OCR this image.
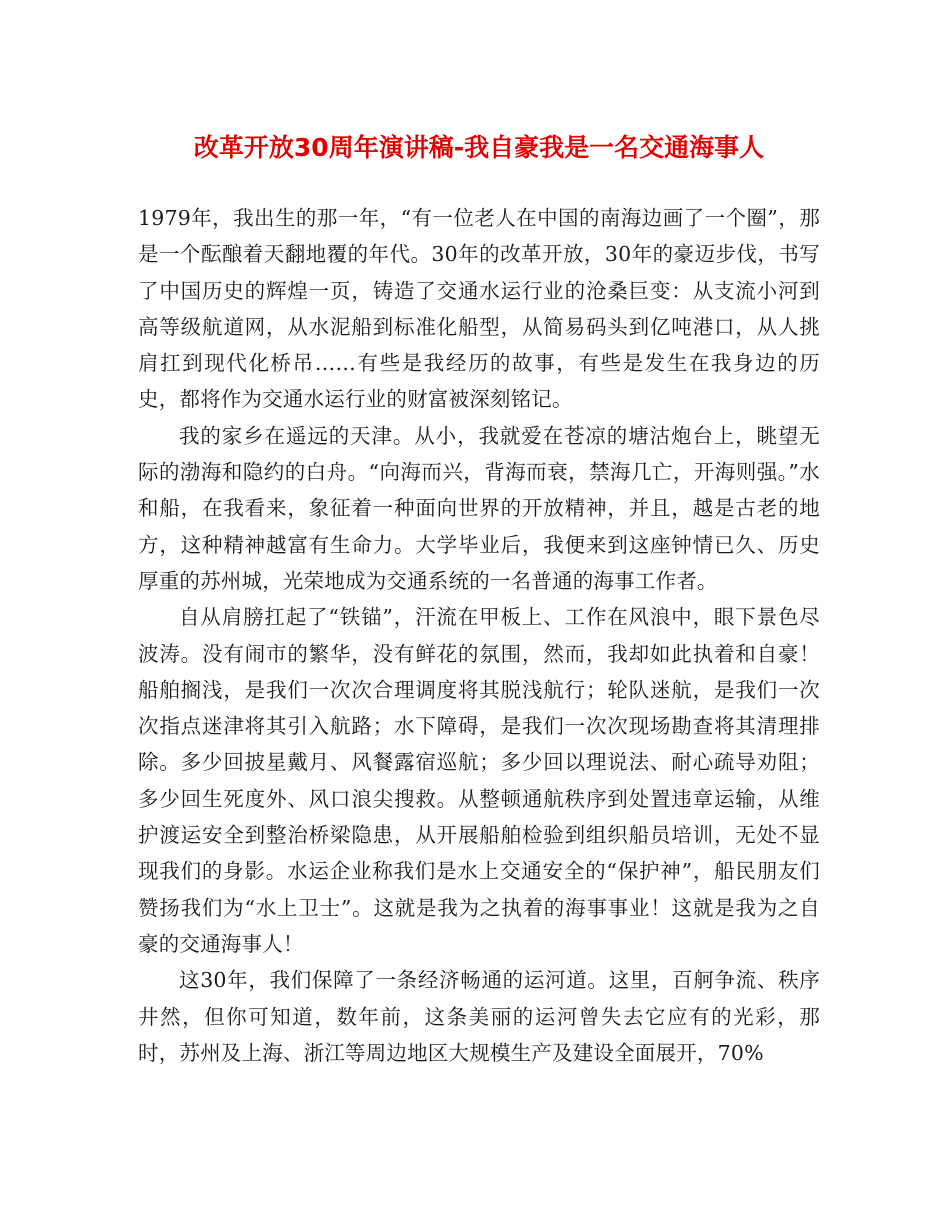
改革开放30周年演讲稿-我自豪我是一名交通海事人

1979年，我出生的那一年，“有一位老人在中国的南海边画了一个圈”，那是一个酝酿着天翻地覆的年代。30年的改革开放，30年的豪迈步伐，书写了中国历史的辉煌一页，铸造了交通水运行业的沧桑巨变：从支流小河到高等级航道网，从水泥船到标准化船型，从简易码头到亿吨港口，从人挑肩扛到现代化桥吊……有些是我经历的故事，有些是发生在我身边的历史，都将作为交通水运行业的财富被深刻铭记。

我的家乡在遥远的天津。从小，我就爱在苍凉的塘沽炮台上，眺望无际的渤海和隐约的白舟。“向海而兴，背海而衰，禁海几亡，开海则强。”水和船，在我看来，象征着一种面向世界的开放精神，并且，越是古老的地方，这种精神越富有生命力。大学毕业后，我便来到这座钟情已久、历史厚重的苏州城，光荣地成为交通系统的一名普通的海事工作者。

自从肩膀扛起了“铁锚”，汗流在甲板上、工作在风浪中，眼下景色尽波涛。没有闹市的繁华，没有鲜花的氛围，然而，我却如此执着和自豪！船舶搁浅，是我们一次次合理调度将其脱浅航行；轮队迷航，是我们一次次指点迷津将其引入航路；水下障碍，是我们一次次现场勘查将其清理排除。多少回披星戴月、风餐露宿巡航；多少回以理说法、耐心疏导劝阻；多少回生死度外、风口浪尖搜救。从整顿通航秩序到处置违章运输，从维护渡运安全到整治桥梁隐患，从开展船舶检验到组织船员培训，无处不显现我们的身影。水运企业称我们是水上交通安全的“保护神”，船民朋友们赞扬我们为“水上卫士”。这就是我为之执着的海事事业！这就是我为之自豪的交通海事人！

这30年，我们保障了一条经济畅通的运河道。这里，百舸争流、秩序井然，但你可知道，数年前，这条美丽的运河曾失去它应有的光彩，那时，苏州及上海、浙江等周边地区大规模生产及建设全面展开，70%
